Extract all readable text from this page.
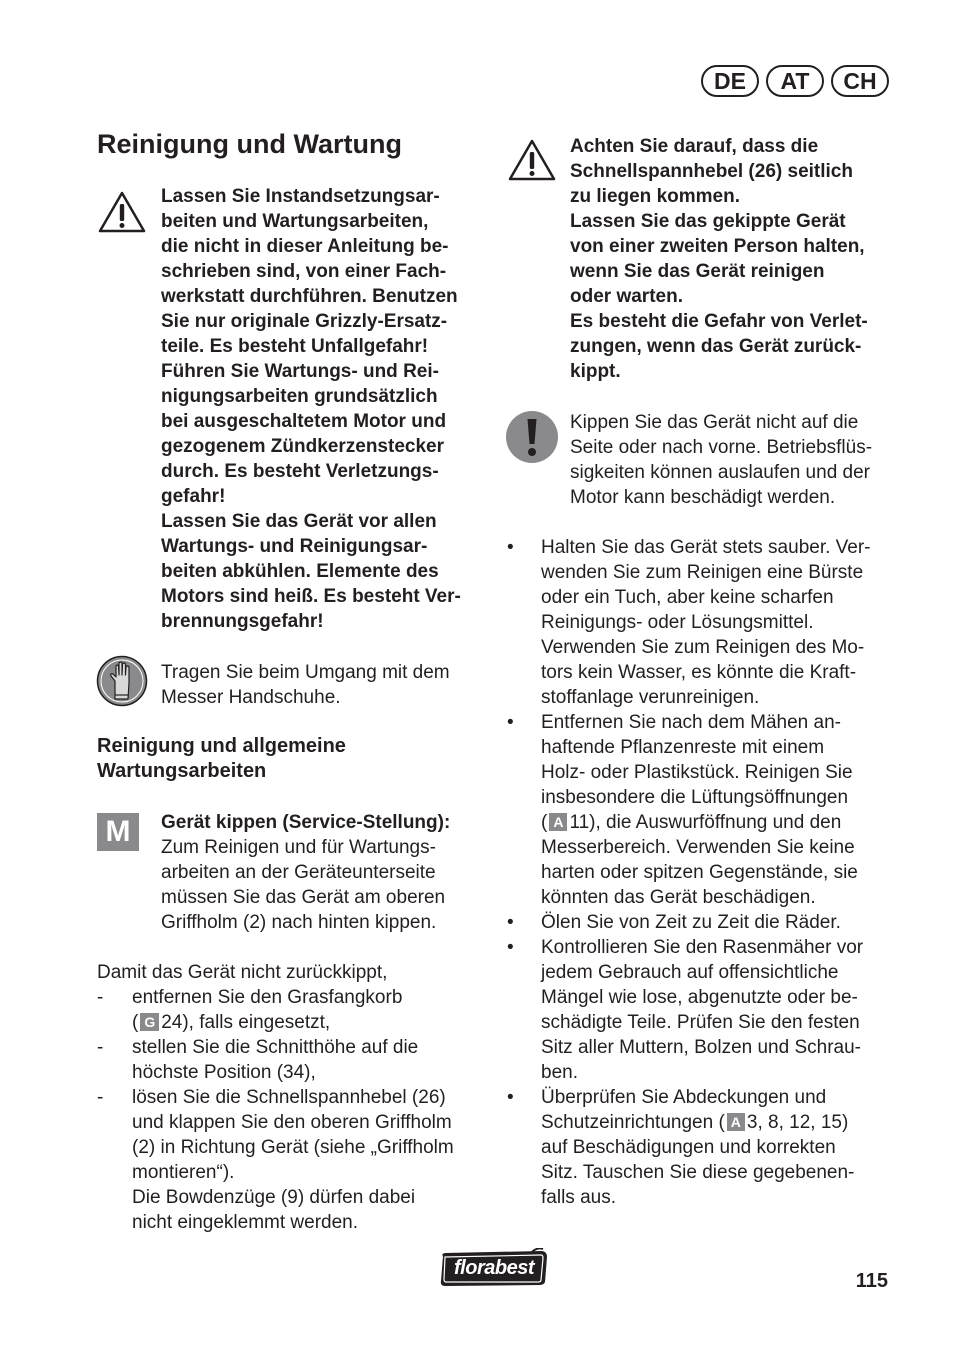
DE	AT	CH
Reinigung und Wartung

Lassen Sie Instandsetzungsar-

beiten und Wartungsarbeiten,

die nicht in dieser Anleitung be-

schrieben sind, von einer Fach-

werkstatt durchführen. Benutzen

Sie nur originale Grizzly-Ersatz-

teile. Es besteht Unfallgefahr!

Führen Sie Wartungs- und Rei-

nigungsarbeiten grundsätzlich

bei ausgeschaltetem Motor und

gezogenem Zündkerzenstecker

durch. Es besteht Verletzungs-

gefahr!

Lassen Sie das Gerät vor allen

Wartungs- und Reinigungsar-

beiten abkühlen. Elemente des

Motors sind heiß. Es besteht Ver-

brennungsgefahr!

Tragen Sie beim Umgang mit dem

Messer Handschuhe.

Reinigung und allgemeine
Wartungsarbeiten
M	Gerät kippen (Service-Stellung):

Zum Reinigen und für Wartungs-

arbeiten an der Geräteunterseite

müssen Sie das Gerät am oberen

Griffholm (2) nach hinten kippen.

Damit das Gerät nicht zurückkippt,

- entfernen Sie den Grasfangkorb

( G 24), falls eingesetzt,

- stellen Sie die Schnitthöhe auf die

höchste Position (34),

- lösen Sie die Schnellspannhebel (26)

und klappen Sie den oberen Griffholm

(2) in Richtung Gerät (siehe „Griffholm

montieren“).

Die Bowdenzüge (9) dürfen dabei

nicht eingeklemmt werden.

Achten Sie darauf, dass die

Schnellspannhebel (26) seitlich

zu liegen kommen.

Lassen Sie das gekippte Gerät

von einer zweiten Person halten,

wenn Sie das Gerät reinigen

oder warten.

Es besteht die Gefahr von Verlet-

zungen, wenn das Gerät zurück-

kippt.

Kippen Sie das Gerät nicht auf die

Seite oder nach vorne. Betriebsflüs-

sigkeiten können auslaufen und der

Motor kann beschädigt werden.

• Halten Sie das Gerät stets sauber. Ver-

wenden Sie zum Reinigen eine Bürste

oder ein Tuch, aber keine scharfen

Reinigungs- oder Lösungsmittel.

Verwenden Sie zum Reinigen des Mo-

tors kein Wasser, es könnte die Kraft-

stoffanlage verunreinigen.

• Entfernen Sie nach dem Mähen an-

haftende Pflanzenreste mit einem

Holz- oder Plastikstück. Reinigen Sie

insbesondere die Lüftungsöffnungen

( A 11), die Auswurföffnung und den

Messerbereich. Verwenden Sie keine

harten oder spitzen Gegenstände, sie

könnten das Gerät beschädigen.

• Ölen Sie von Zeit zu Zeit die Räder.

• Kontrollieren Sie den Rasenmäher vor

jedem Gebrauch auf offensichtliche

Mängel wie lose, abgenutzte oder be-

schädigte Teile. Prüfen Sie den festen

Sitz aller Muttern, Bolzen und Schrau-

ben.

• Überprüfen Sie Abdeckungen und

Schutzeinrichtungen ( A 3, 8, 12, 15)

auf Beschädigungen und korrekten

Sitz. Tauschen Sie diese gegebenen-

falls aus.

florabest
115
